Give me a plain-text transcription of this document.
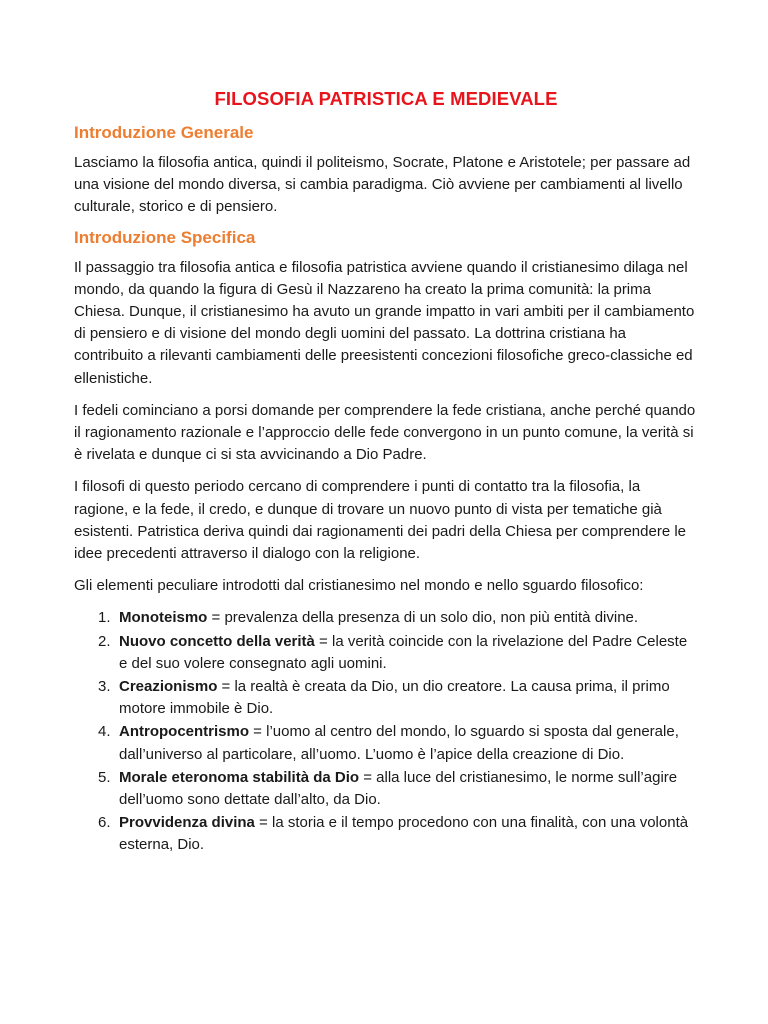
FILOSOFIA PATRISTICA E MEDIEVALE
Introduzione Generale

Lasciamo la filosofia antica, quindi il politeismo, Socrate, Platone e Aristotele; per passare ad una visione del mondo diversa, si cambia paradigma. Ciò avviene per cambiamenti al livello culturale, storico e di pensiero.

Introduzione Specifica

Il passaggio tra filosofia antica e filosofia patristica avviene quando il cristianesimo dilaga nel mondo, da quando la figura di Gesù il Nazzareno ha creato la prima comunità: la prima Chiesa. Dunque, il cristianesimo ha avuto un grande impatto in vari ambiti per il cambiamento di pensiero e di visione del mondo degli uomini del passato. La dottrina cristiana ha contribuito a rilevanti cambiamenti delle preesistenti concezioni filosofiche greco-classiche ed ellenistiche.

I fedeli cominciano a porsi domande per comprendere la fede cristiana, anche perché quando il ragionamento razionale e l’approccio delle fede convergono in un punto comune, la verità si è rivelata e dunque ci si sta avvicinando a Dio Padre.

I filosofi di questo periodo cercano di comprendere i punti di contatto tra la filosofia, la ragione, e la fede, il credo, e dunque di trovare un nuovo punto di vista per tematiche già esistenti. Patristica deriva quindi dai ragionamenti dei padri della Chiesa per comprendere le idee precedenti attraverso il dialogo con la religione.

Gli elementi peculiare introdotti dal cristianesimo nel mondo e nello sguardo filosofico:

1. Monoteismo = prevalenza della presenza di un solo dio, non più entità divine.
2. Nuovo concetto della verità = la verità coincide con la rivelazione del Padre Celeste e del suo volere consegnato agli uomini.
3. Creazionismo = la realtà è creata da Dio, un dio creatore. La causa prima, il primo motore immobile è Dio.
4. Antropocentrismo = l’uomo al centro del mondo, lo sguardo si sposta dal generale, dall’universo al particolare, all’uomo. L’uomo è l’apice della creazione di Dio.
5. Morale eteronoma stabilità da Dio = alla luce del cristianesimo, le norme sull’agire dell’uomo sono dettate dall’alto, da Dio.
6. Provvidenza divina = la storia e il tempo procedono con una finalità, con una volontà esterna, Dio.
